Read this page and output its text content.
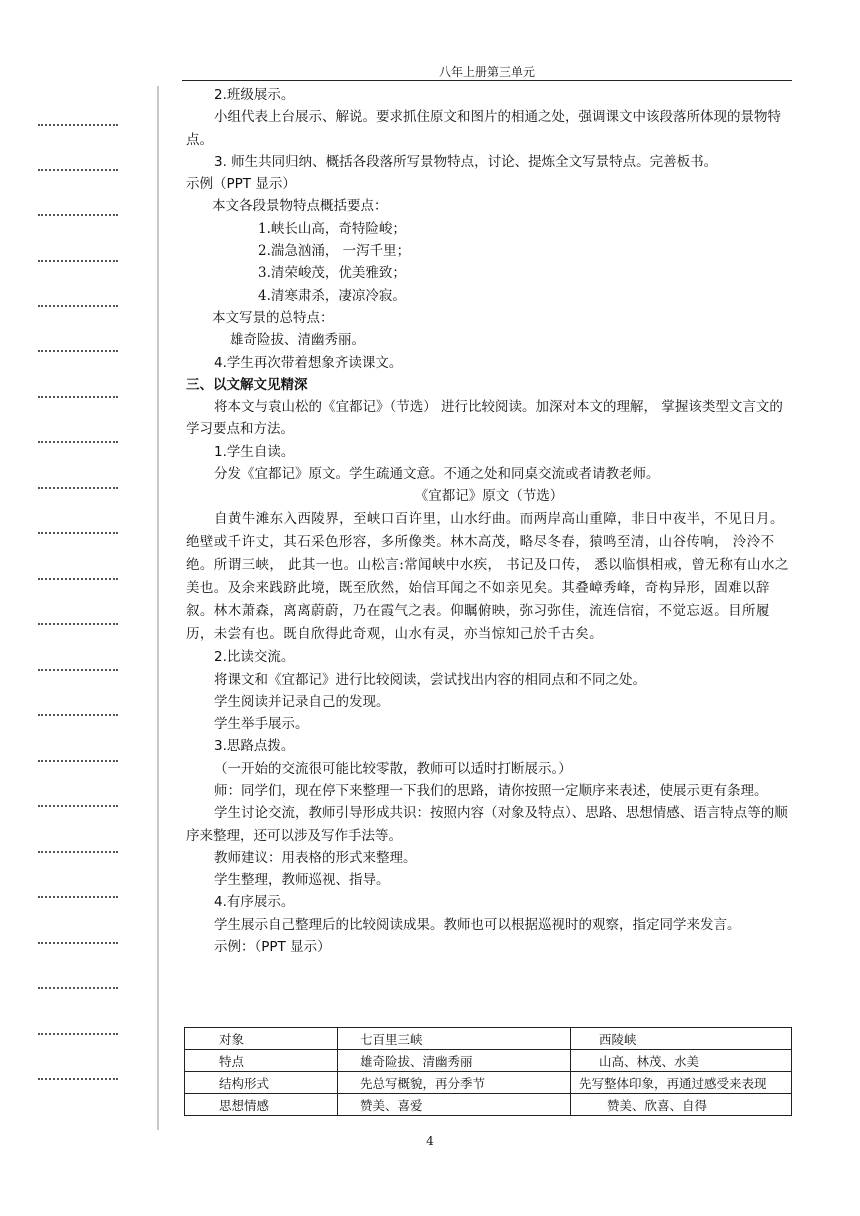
八年上册第三单元

2.班级展示。

小组代表上台展示、解说。要求抓住原文和图片的相通之处，强调课文中该段落所体现的景物特点。

3. 师生共同归纳、概括各段落所写景物特点，讨论、提炼全文写景特点。完善板书。

示例（PPT 显示）

本文各段景物特点概括要点：

1.峡长山高，奇特险峻；

2.湍急汹涌， 一泻千里；

3.清荣峻茂，优美雅致；

4.清寒肃杀，凄凉冷寂。

本文写景的总特点：

雄奇险拔、清幽秀丽。

4.学生再次带着想象齐读课文。

三、以文解文见精深

将本文与袁山松的《宜都记》（节选） 进行比较阅读。加深对本文的理解， 掌握该类型文言文的学习要点和方法。

1.学生自读。

分发《宜都记》原文。学生疏通文意。不通之处和同桌交流或者请教老师。

《宜都记》原文（节选）

自黄牛滩东入西陵界，至峡口百许里，山水纡曲。而两岸高山重障，非日中夜半，不见日月。绝壁或千许丈，其石采色形容，多所像类。林木高茂，略尽冬春，猿鸣至清，山谷传响， 泠泠不绝。所谓三峡， 此其一也。山松言:常闻峡中水疾， 书记及口传， 悉以临惧相戒，曾无称有山水之美也。及余来践跻此境，既至欣然，始信耳闻之不如亲见矣。其叠嶂秀峰，奇构异形，固难以辞叙。林木萧森，离离蔚蔚，乃在霞气之表。仰瞩俯映，弥习弥佳，流连信宿，不觉忘返。目所履历，未尝有也。既自欣得此奇观，山水有灵，亦当惊知己於千古矣。

2.比读交流。

将课文和《宜都记》进行比较阅读，尝试找出内容的相同点和不同之处。

学生阅读并记录自己的发现。

学生举手展示。

3.思路点拨。

（一开始的交流很可能比较零散，教师可以适时打断展示。）

师：同学们，现在停下来整理一下我们的思路，请你按照一定顺序来表述，使展示更有条理。

学生讨论交流，教师引导形成共识：按照内容（对象及特点）、思路、思想情感、语言特点等的顺序来整理，还可以涉及写作手法等。

教师建议：用表格的形式来整理。

学生整理，教师巡视、指导。

4.有序展示。

学生展示自己整理后的比较阅读成果。教师也可以根据巡视时的观察，指定同学来发言。

示例：（PPT 显示）

对象	七百里三峡	西陵峡
特点	雄奇险拔、清幽秀丽	山高、林茂、水美
结构形式	先总写概貌，再分季节	先写整体印象，再通过感受来表现
思想情感	赞美、喜爱	赞美、欣喜、自得
4
